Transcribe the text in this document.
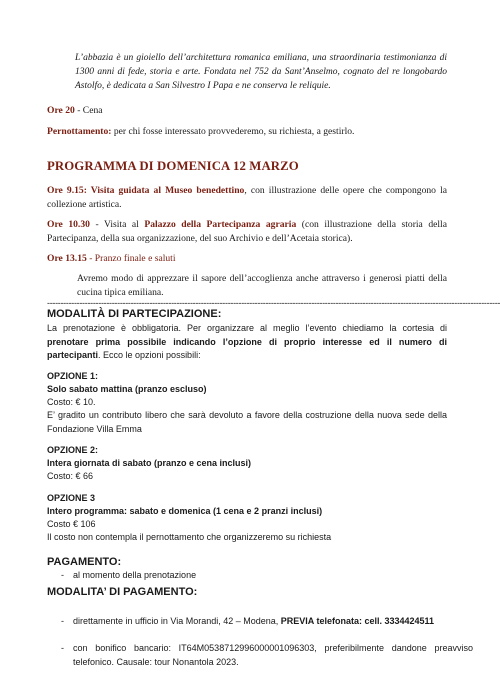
L’abbazia è un gioiello dell’architettura romanica emiliana, una straordinaria testimonianza di 1300 anni di fede, storia e arte. Fondata nel 752 da Sant’Anselmo, cognato del re longobardo Astolfo, è dedicata a San Silvestro I Papa e ne conserva le reliquie.
Ore 20 - Cena
Pernottamento: per chi fosse interessato provvederemo, su richiesta, a gestirlo.
PROGRAMMA DI DOMENICA 12 MARZO
Ore 9.15: Visita guidata al Museo benedettino, con illustrazione delle opere che compongono la collezione artistica.
Ore 10.30 - Visita al Palazzo della Partecipanza agraria (con illustrazione della storia della Partecipanza, della sua organizzazione, del suo Archivio e dell’Acetaia storica).
Ore 13.15 - Pranzo finale e saluti
Avremo modo di apprezzare il sapore dell’accoglienza anche attraverso i generosi piatti della cucina tipica emiliana.
------------------------------------------------------------------------------------------------------------------------------------------------------------------------
MODALITÀ DI PARTECIPAZIONE:
La prenotazione è obbligatoria. Per organizzare al meglio l’evento chiediamo la cortesia di prenotare prima possibile indicando l’opzione di proprio interesse ed il numero di partecipanti. Ecco le opzioni possibili:
OPZIONE 1:
Solo sabato mattina (pranzo escluso)
Costo: € 10.
E’ gradito un contributo libero che sarà devoluto a favore della costruzione della nuova sede della Fondazione Villa Emma
OPZIONE 2:
Intera giornata di sabato (pranzo e cena inclusi)
Costo: € 66
OPZIONE 3
Intero programma: sabato e domenica (1 cena e 2 pranzi inclusi)
Costo € 106
Il costo non contempla il pernottamento che organizzeremo su richiesta
PAGAMENTO:
- al momento della prenotazione
MODALITA’ DI PAGAMENTO:
- direttamente in ufficio in Via Morandi, 42 – Modena, PREVIA telefonata: cell. 3334424511
- con bonifico bancario: IT64M0538712996000001096303, preferibilmente dandone preavviso telefonico. Causale: tour Nonantola 2023.
